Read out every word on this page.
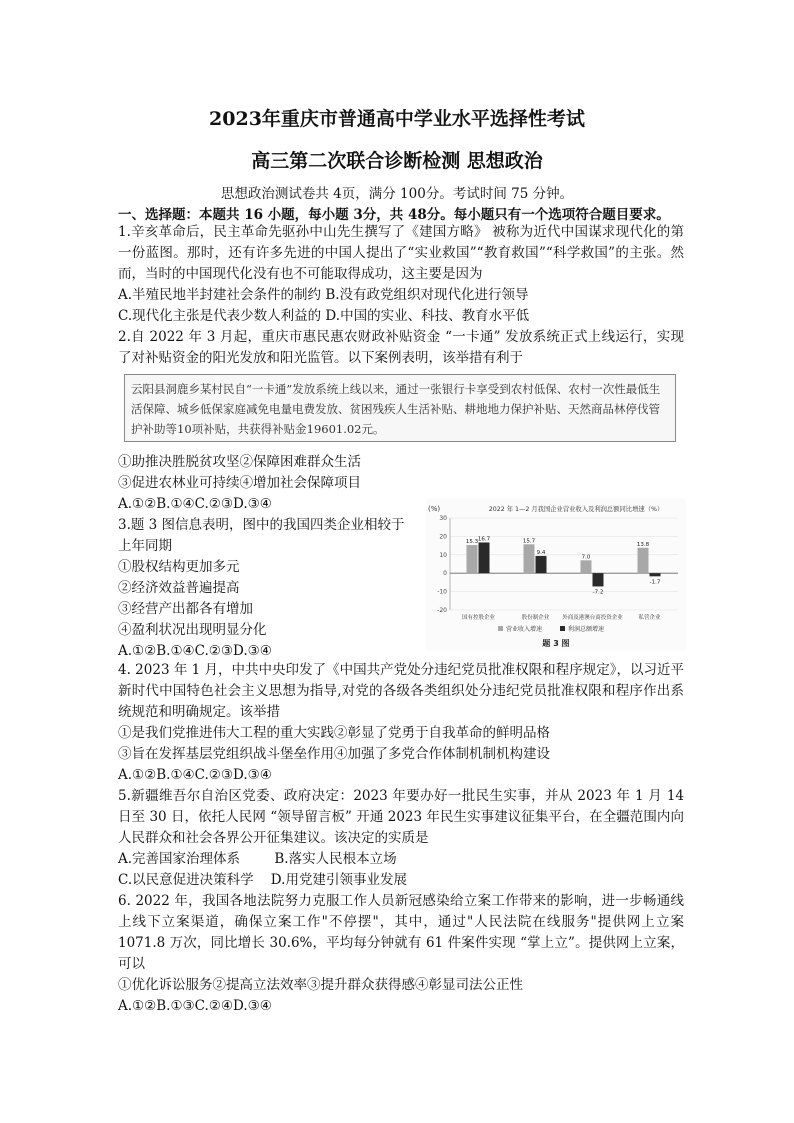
2023年重庆市普通高中学业水平选择性考试
高三第二次联合诊断检测 思想政治
思想政治测试卷共 4页，满分 100分。考试时间 75 分钟。
一、选择题：本题共 16 小题，每小题 3分，共 48分。每小题只有一个选项符合题目要求。
1.辛亥革命后，民主革命先驱孙中山先生撰写了《建国方略》 被称为近代中国谋求现代化的第一份蓝图。那时，还有许多先进的中国人提出了“实业救国”“教育救国”“科学救国”的主张。然而，当时的中国现代化没有也不可能取得成功，这主要是因为
A.半殖民地半封建社会条件的制约 B.没有政党组织对现代化进行领导
C.现代化主张是代表少数人利益的 D.中国的实业、科技、教育水平低
2.自 2022 年 3 月起，重庆市惠民惠农财政补贴资金 “一卡通” 发放系统正式上线运行，实现了对补贴资金的阳光发放和阳光监管。以下案例表明，该举措有利于
云阳县洞鹿乡某村民自“一卡通”发放系统上线以来，通过一张银行卡享受到农村低保、农村一次性最低生活保障、城乡低保家庭减免电量电费发放、贫困残疾人生活补贴、耕地地力保护补贴、天然商品林停伐管护补助等10项补贴，共获得补贴金19601.02元。
①助推决胜脱贫攻坚②保障困难群众生活
③促进农林业可持续④增加社会保障项目
A.①②B.①④C.②③D.③④
3.题 3 图信息表明，图中的我国四类企业相较于
上年同期
①股权结构更加多元
②经济效益普遍提高
③经营产出都各有增加
④盈利状况出现明显分化
A.①②B.①④C.②③D.③④
(%)	2022 年 1—2 月我国企业营业收入及利润总额同比增速（%）
30
20
10
0
-10
-20
15.3 16.7	15.7
9.4
7.0
-7.2
13.8
-1.7
国有控股企业	股份制企业 外商及港澳台商投资企业	私营企业
营业收入增速	利润总额增速
题 3 图
4. 2023 年 1 月，中共中央印发了《中国共产党处分违纪党员批准权限和程序规定》，以习近平新时代中国特色社会主义思想为指导,对党的各级各类组织处分违纪党员批准权限和程序作出系统规范和明确规定。该举措
①是我们党推进伟大工程的重大实践②彰显了党勇于自我革命的鲜明品格
③旨在发挥基层党组织战斗堡垒作用④加强了多党合作体制机制机构建设
A.①②B.①④C.②③D.③④
5.新疆维吾尔自治区党委、政府决定：2023 年要办好一批民生实事，并从 2023 年 1 月 14 日至 30 日，依托人民网 “领导留言板” 开通 2023 年民生实事建议征集平台，在全疆范围内向人民群众和社会各界公开征集建议。该决定的实质是
A.完善国家治理体系        B.落实人民根本立场
C.以民意促进决策科学    D.用党建引领事业发展
6. 2022 年，我国各地法院努力克服工作人员新冠感染给立案工作带来的影响，进一步畅通线上线下立案渠道，确保立案工作"不停摆"，其中，通过"人民法院在线服务"提供网上立案 1071.8 万次，同比增长 30.6%，平均每分钟就有 61 件案件实现 “掌上立”。提供网上立案，可以
①优化诉讼服务②提高立法效率③提升群众获得感④彰显司法公正性
A.①②B.①③C.②④D.③④
